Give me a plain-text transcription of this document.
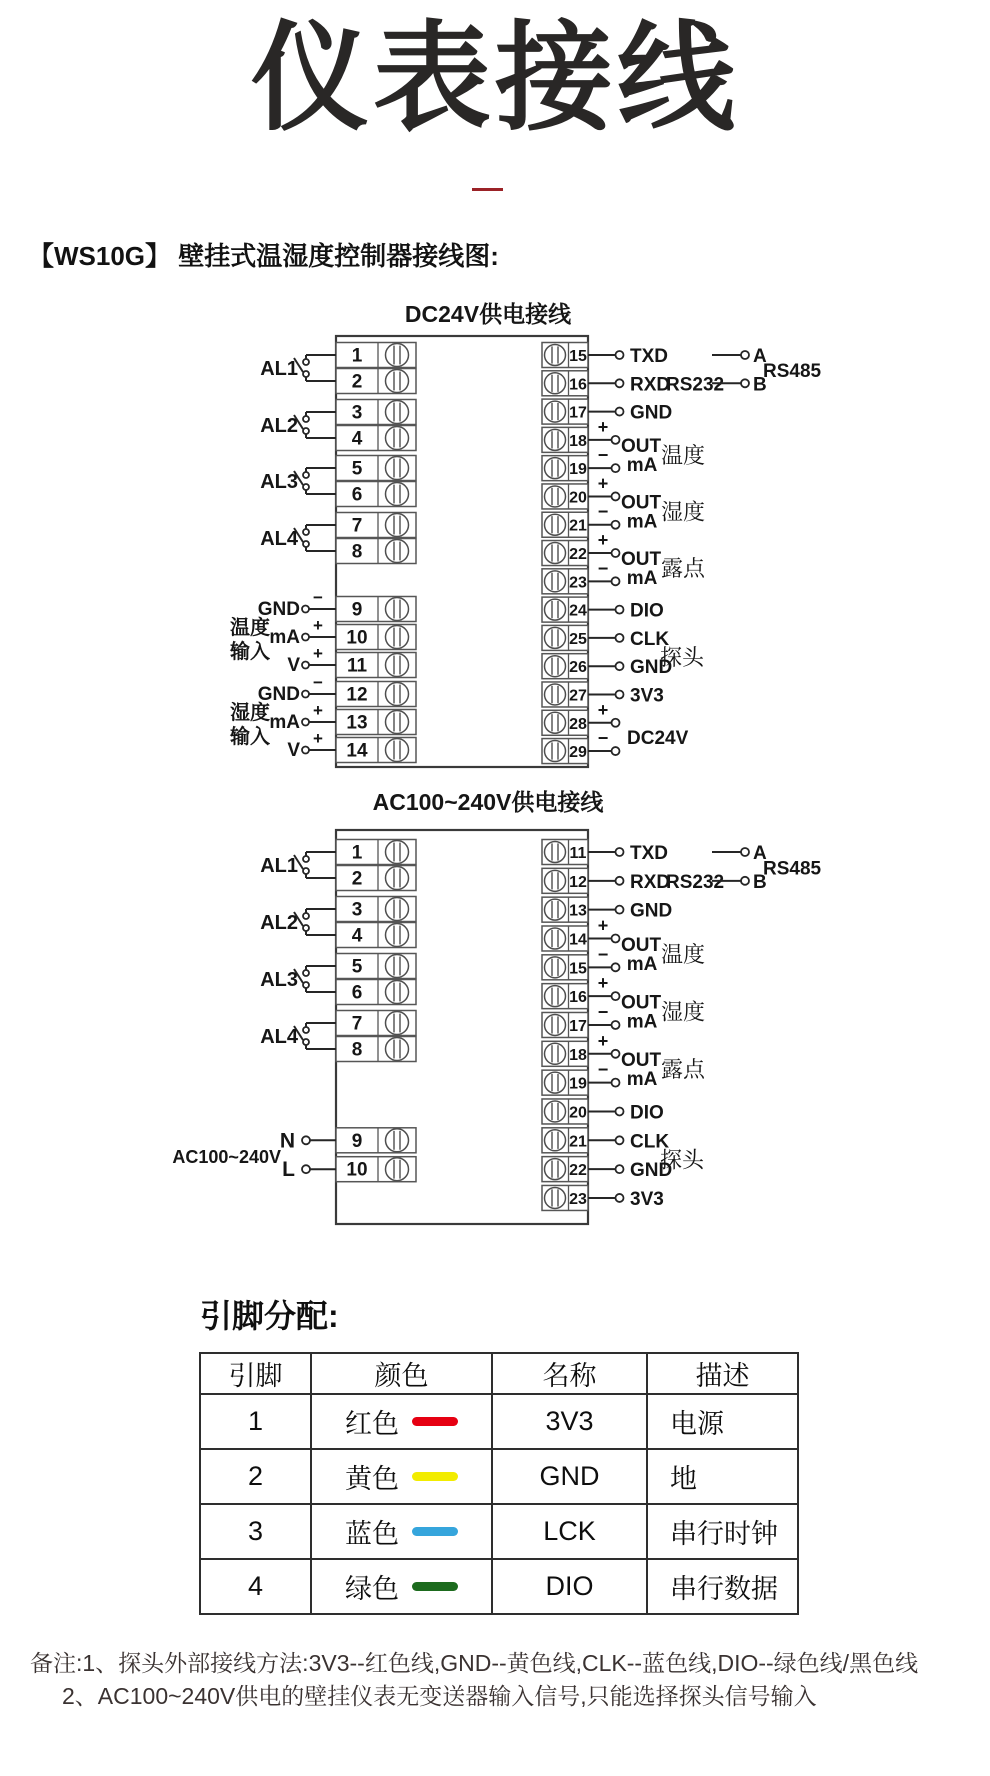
仪表接线
【WS10G】 壁挂式温湿度控制器接线图:
DC24V供电接线
15 TXD
16 RXD
RS232
17 GND
18
19
+
− OUT
mA 温度
20
21
+
− OUT
mA 湿度
22
23
+
− OUT
mA 露点
24 DIO
25 CLK
26 GND
27 3V3
28
29
+
− DC24V
探头
A
B
RS485
1
2
AL1
3
4
AL2
5
6
AL3
7
8
AL4
9
−
GND
10
+
mA
11
+
V
温度
输入
12
−
GND
13
+
mA
14
+
V
湿度
输入
AC100~240V供电接线
11 TXD
12 RXD
RS232
13 GND
14
15
+
− OUT
mA 温度
16
17
+
− OUT
mA 湿度
18
19
+
− OUT
mA 露点
20 DIO
21 CLK
22 GND
23 3V3
探头
A
B
RS485
1
2
AL1
3
4
AL2
5
6
AL3
7
8
AL4
9
N
10
L
AC100~240V
引脚分配:
引脚	颜色	名称	描述
1	红色	3V3	电源
2	黄色	GND	地
3	蓝色	LCK	串行时钟
4	绿色	DIO	串行数据
备注:1、探头外部接线方法:3V3--红色线,GND--黄色线,CLK--蓝色线,DIO--绿色线/黑色线
2、AC100~240V供电的壁挂仪表无变送器输入信号,只能选择探头信号输入
